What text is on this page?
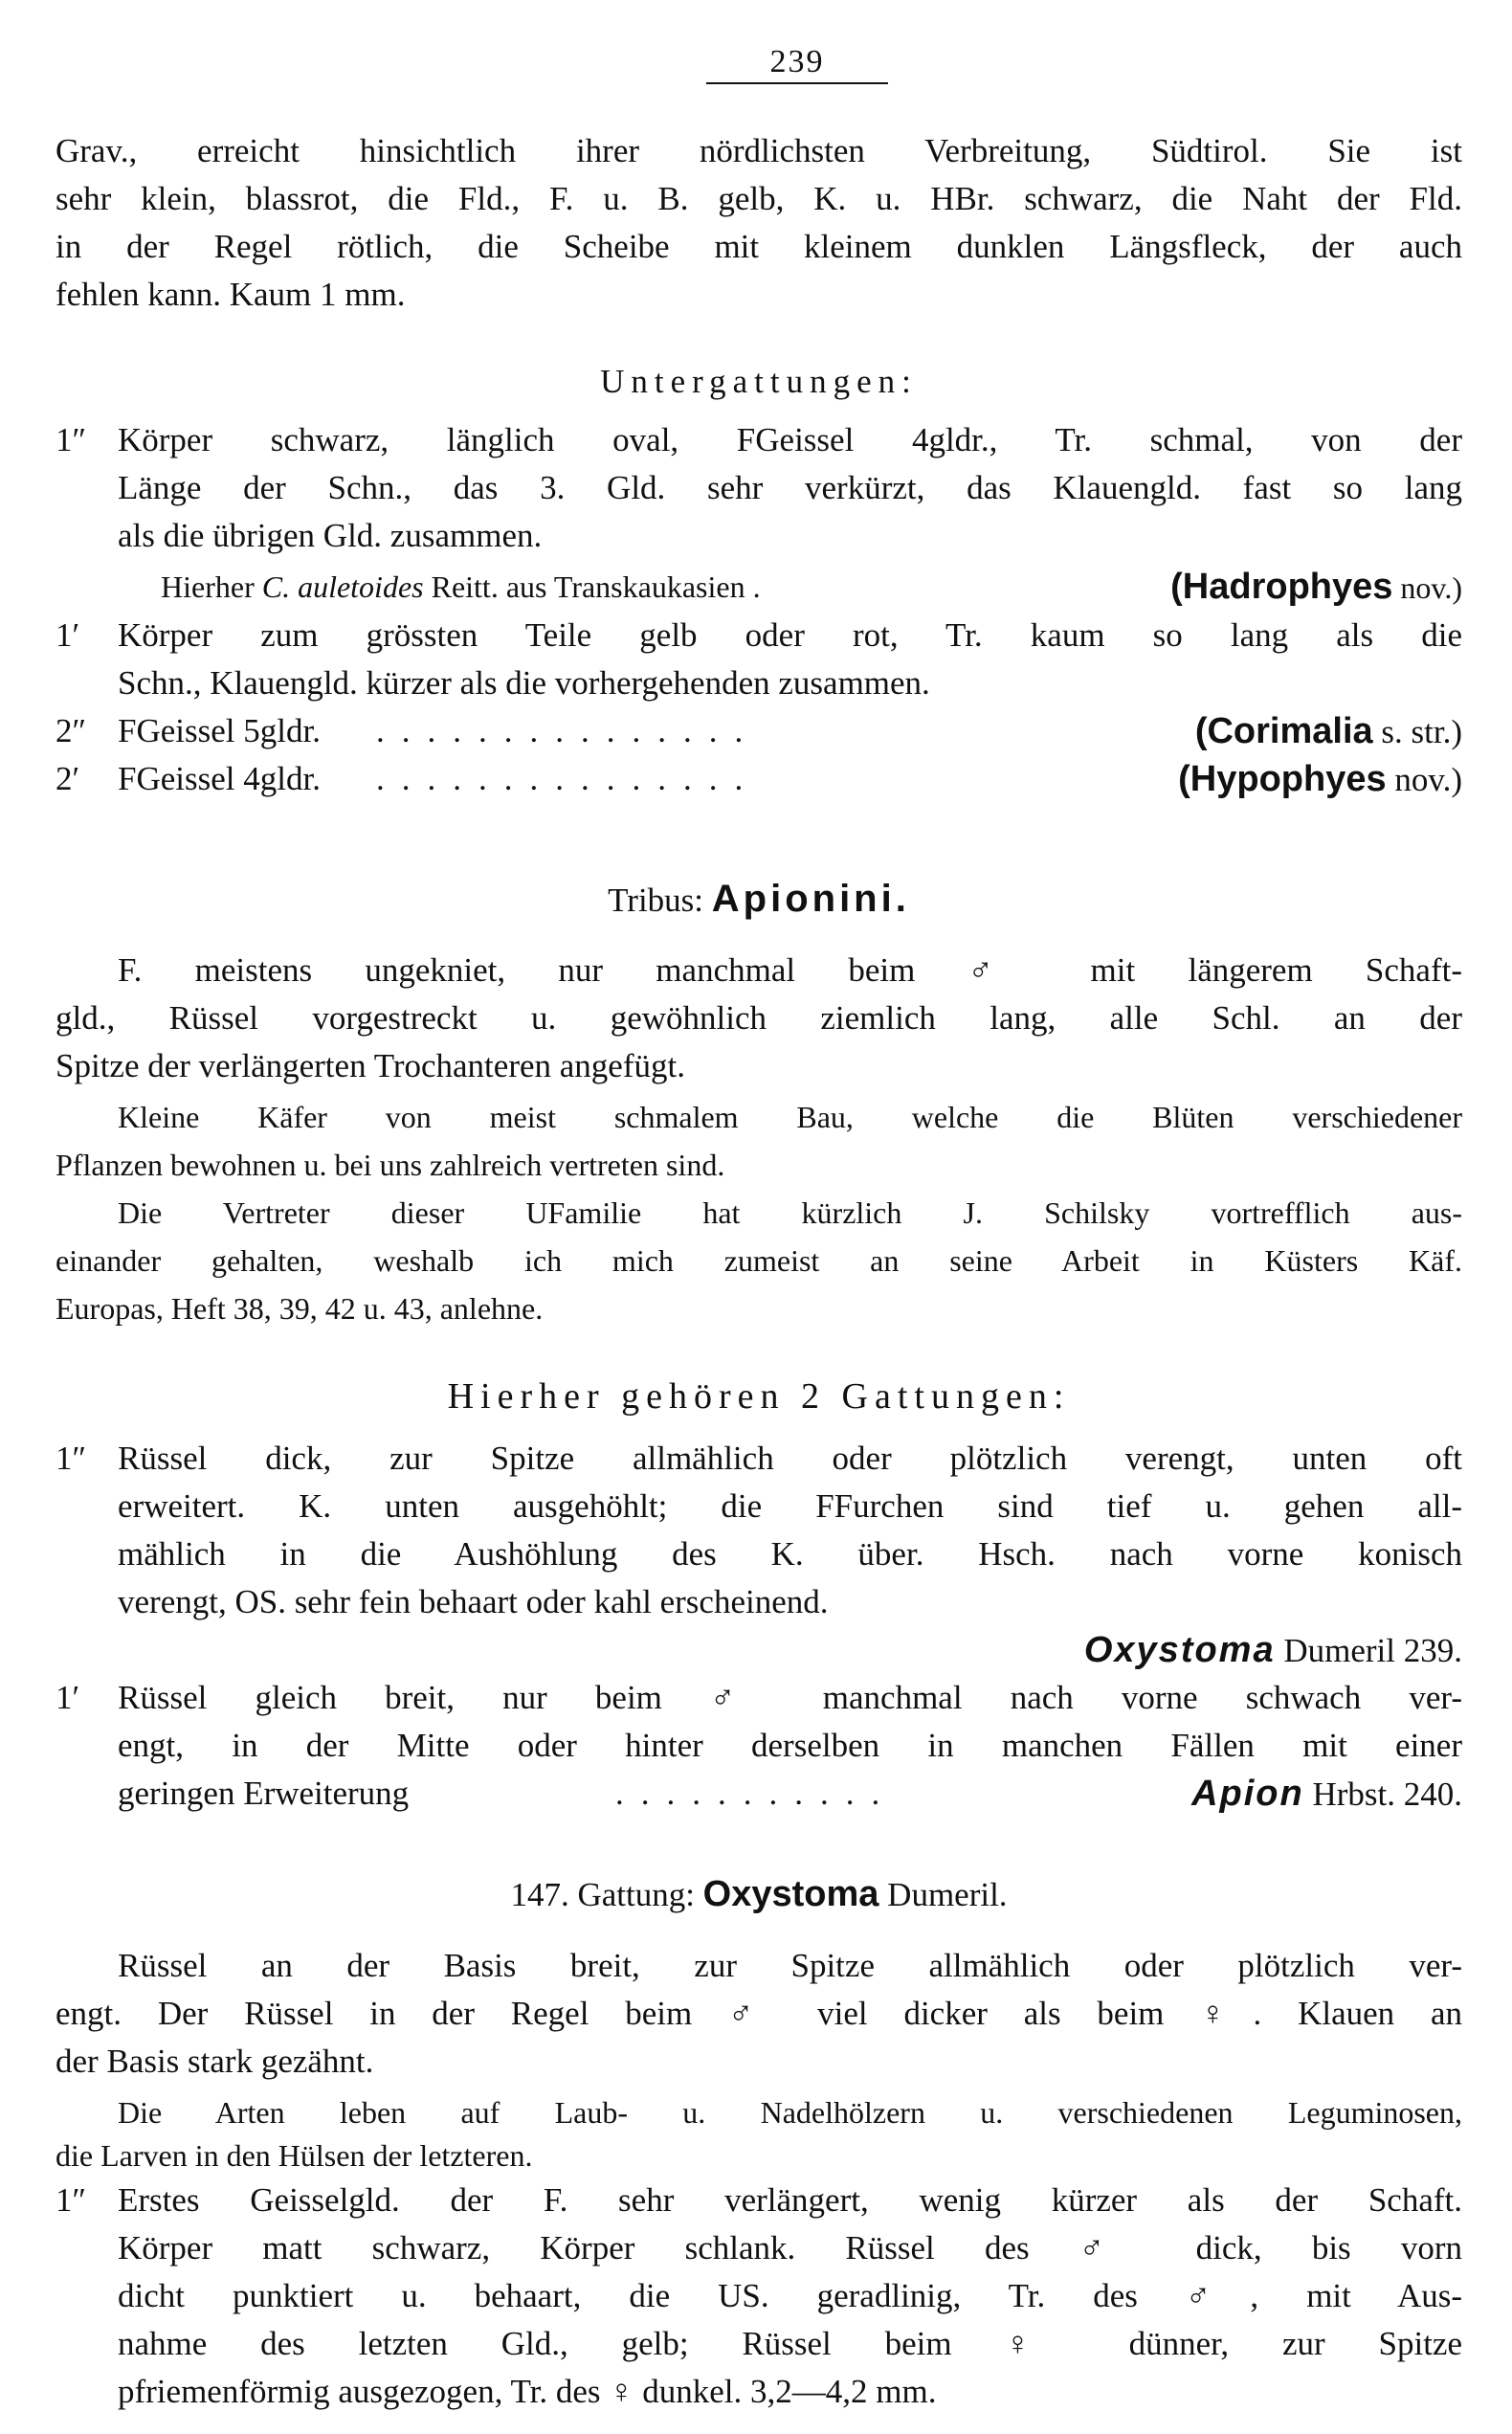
239
Grav., erreicht hinsichtlich ihrer nördlichsten Verbreitung, Südtirol. Sie ist
sehr klein, blassrot, die Fld., F. u. B. gelb, K. u. HBr. schwarz, die Naht der Fld.
in der Regel rötlich, die Scheibe mit kleinem dunklen Längsfleck, der auch
fehlen kann. Kaum 1 mm.
Untergattungen:
1″ Körper schwarz, länglich oval, FGeissel 4gldr., Tr. schmal, von der
Länge der Schn., das 3. Gld. sehr verkürzt, das Klauengld. fast so lang
als die übrigen Gld. zusammen.
Hierher C. auletoides Reitt. aus Transkaukasien .	(Hadrophyes nov.)
1′	Körper zum grössten Teile gelb oder rot, Tr. kaum so lang als die
Schn., Klauengld. kürzer als die vorhergehenden zusammen.
2″ FGeissel 5gldr. ...............	(Corimalia s. str.)
2′	FGeissel 4gldr. ...............	(Hypophyes nov.)
Tribus: Apionini.
F. meistens ungekniet, nur manchmal beim ♂ mit längerem Schaft-
gld., Rüssel vorgestreckt u. gewöhnlich ziemlich lang, alle Schl. an der
Spitze der verlängerten Trochanteren angefügt.
Kleine Käfer von meist schmalem Bau, welche die Blüten verschiedener
Pflanzen bewohnen u. bei uns zahlreich vertreten sind.
Die Vertreter dieser UFamilie hat kürzlich J. Schilsky vortrefflich aus-
einander gehalten, weshalb ich mich zumeist an seine Arbeit in Küsters Käf.
Europas, Heft 38, 39, 42 u. 43, anlehne.
Hierher gehören 2 Gattungen:
1″ Rüssel dick, zur Spitze allmählich oder plötzlich verengt, unten oft
erweitert. K. unten ausgehöhlt; die FFurchen sind tief u. gehen all-
mählich in die Aushöhlung des K. über. Hsch. nach vorne konisch
verengt, OS. sehr fein behaart oder kahl erscheinend.
Oxystoma Dumeril 239.
1′	Rüssel gleich breit, nur beim ♂ manchmal nach vorne schwach ver-
engt, in der Mitte oder hinter derselben in manchen Fällen mit einer
geringen Erweiterung	...........	Apion Hrbst. 240.
147. Gattung: Oxystoma Dumeril.
Rüssel an der Basis breit, zur Spitze allmählich oder plötzlich ver-
engt. Der Rüssel in der Regel beim ♂ viel dicker als beim ♀. Klauen an
der Basis stark gezähnt.
Die Arten leben auf Laub- u. Nadelhölzern u. verschiedenen Leguminosen,
die Larven in den Hülsen der letzteren.
1″ Erstes Geisselgld. der F. sehr verlängert, wenig kürzer als der Schaft.
Körper matt schwarz, Körper schlank. Rüssel des ♂ dick, bis vorn
dicht punktiert u. behaart, die US. geradlinig, Tr. des ♂, mit Aus-
nahme des letzten Gld., gelb; Rüssel beim ♀ dünner, zur Spitze
pfriemenförmig ausgezogen, Tr. des ♀ dunkel. 3,2—4,2 mm.
